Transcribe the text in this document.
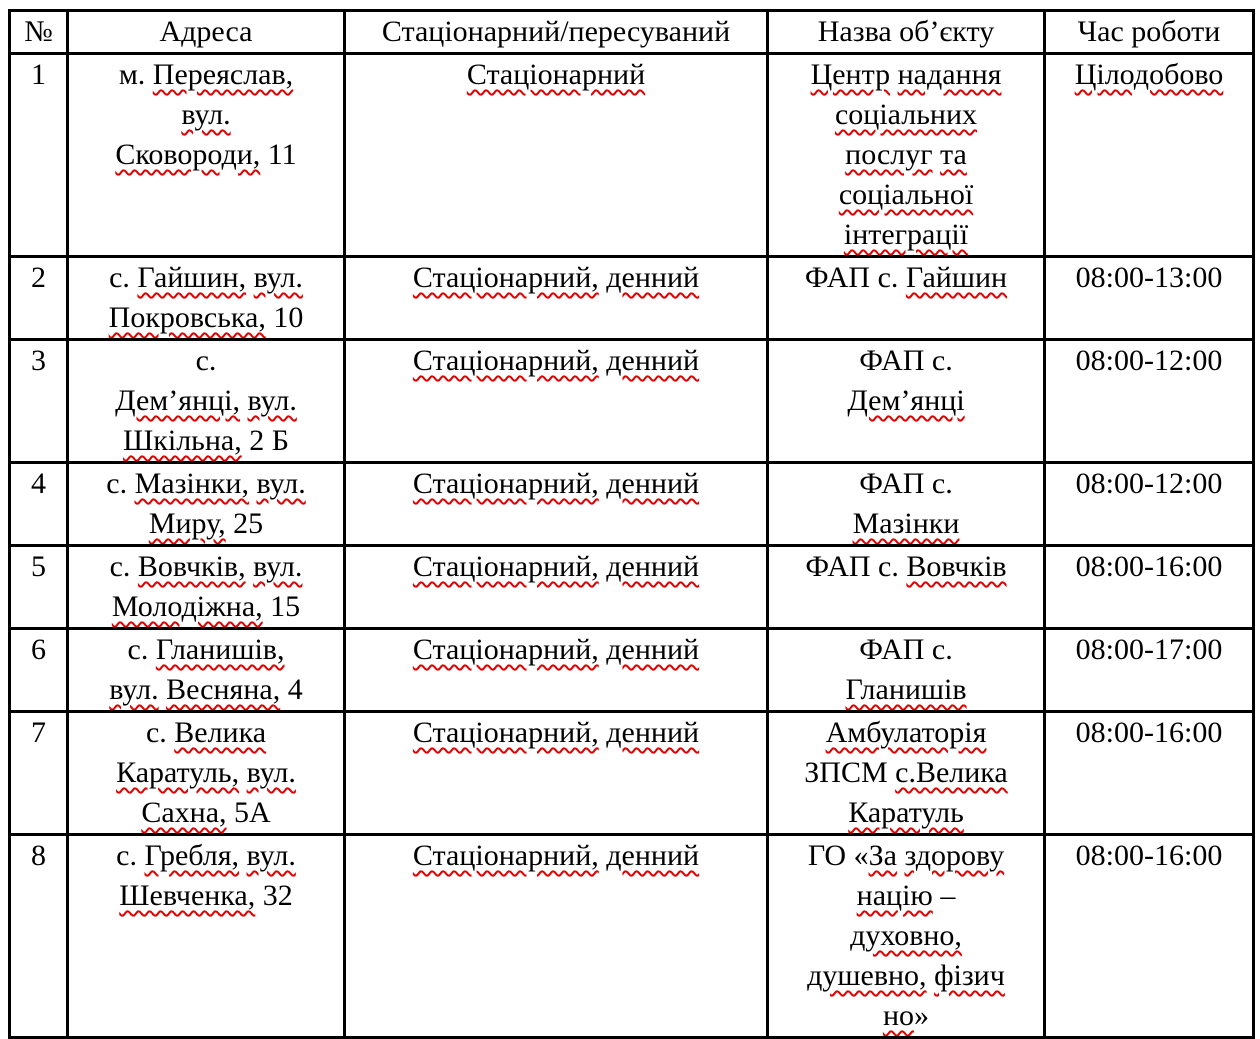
№	Адреса	Стаціонарний/пересуваний	Назва об’єкту	Час роботи
1	м. Переяслав,
вул.
Сковороди, 11	Стаціонарний	Центр надання
соціальних
послуг та
соціальної
інтеграції	Цілодобово
2	с. Гайшин, вул.
Покровська, 10	Стаціонарний, денний	ФАП с. Гайшин	08:00-13:00
3	с.
Дем’янці, вул.
Шкільна, 2 Б	Стаціонарний, денний	ФАП с.
Дем’янці	08:00-12:00
4	с. Мазінки, вул.
Миру, 25	Стаціонарний, денний	ФАП с.
Мазінки	08:00-12:00
5	с. Вовчків, вул.
Молодіжна, 15	Стаціонарний, денний	ФАП с. Вовчків	08:00-16:00
6	с. Гланишів,
вул. Весняна, 4	Стаціонарний, денний	ФАП с.
Гланишів	08:00-17:00
7	с. Велика
Каратуль, вул.
Сахна, 5А	Стаціонарний, денний	Амбулаторія
ЗПСМ с.Велика
Каратуль	08:00-16:00
8	с. Гребля, вул.
Шевченка, 32	Стаціонарний, денний	ГО «За здорову
націю –
духовно,
душевно, фізич
но»	08:00-16:00
